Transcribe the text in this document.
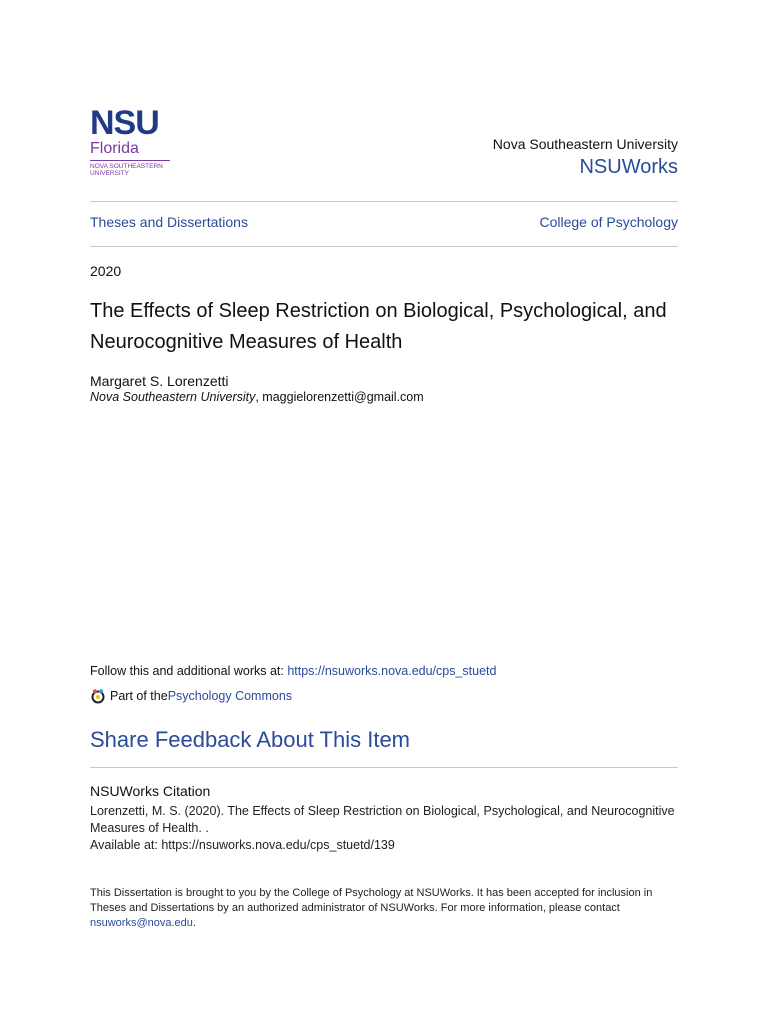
NSU
Florida
NOVA SOUTHEASTERN
UNIVERSITY
Nova Southeastern University
NSUWorks
Theses and Dissertations	College of Psychology
2020
The Effects of Sleep Restriction on Biological, Psychological, and Neurocognitive Measures of Health
Margaret S. Lorenzetti
Nova Southeastern University, maggielorenzetti@gmail.com
Follow this and additional works at: https://nsuworks.nova.edu/cps_stuetd
Part of the Psychology Commons
Share Feedback About This Item
NSUWorks Citation
Lorenzetti, M. S. (2020). The Effects of Sleep Restriction on Biological, Psychological, and Neurocognitive Measures of Health. .
Available at: https://nsuworks.nova.edu/cps_stuetd/139
This Dissertation is brought to you by the College of Psychology at NSUWorks. It has been accepted for inclusion in Theses and Dissertations by an authorized administrator of NSUWorks. For more information, please contact nsuworks@nova.edu.
